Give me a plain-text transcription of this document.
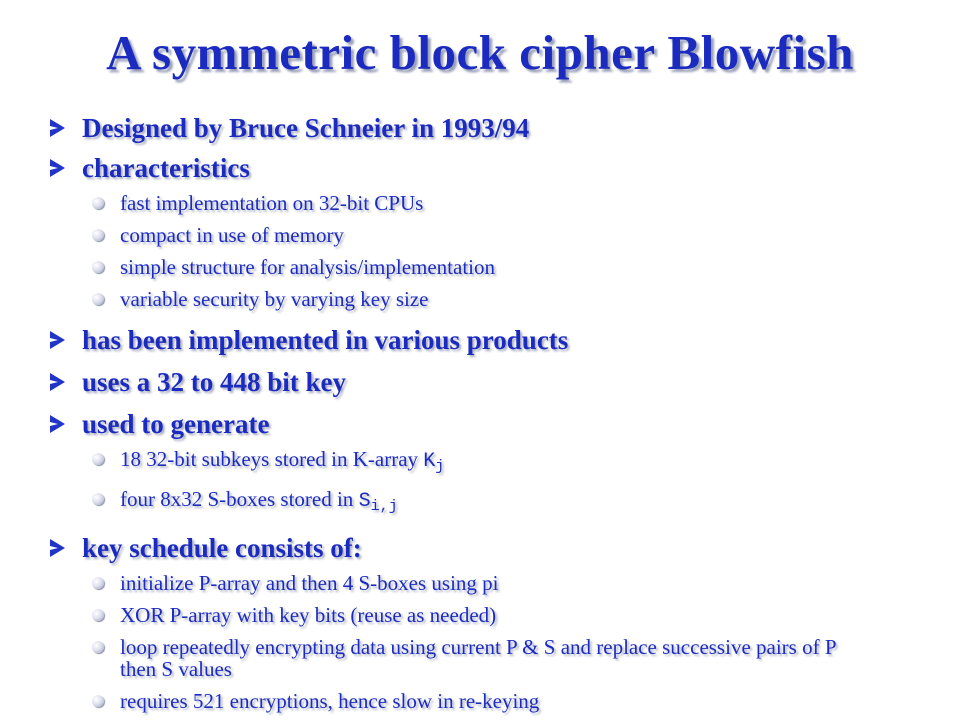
A symmetric block cipher Blowfish
Designed by Bruce Schneier in 1993/94
characteristics
fast implementation on 32-bit CPUs
compact in use of memory
simple structure for analysis/implementation
variable security by varying key size
has been implemented in various products
uses a 32 to 448 bit key
used to generate
18 32-bit subkeys stored in K-array $K_j$
four 8x32 S-boxes stored in $S_{i,j}$
key schedule consists of:
initialize P-array and then 4 S-boxes using pi
XOR P-array with key bits (reuse as needed)
loop repeatedly encrypting data using current P & S and replace successive pairs of P then S values
requires 521 encryptions, hence slow in re-keying
